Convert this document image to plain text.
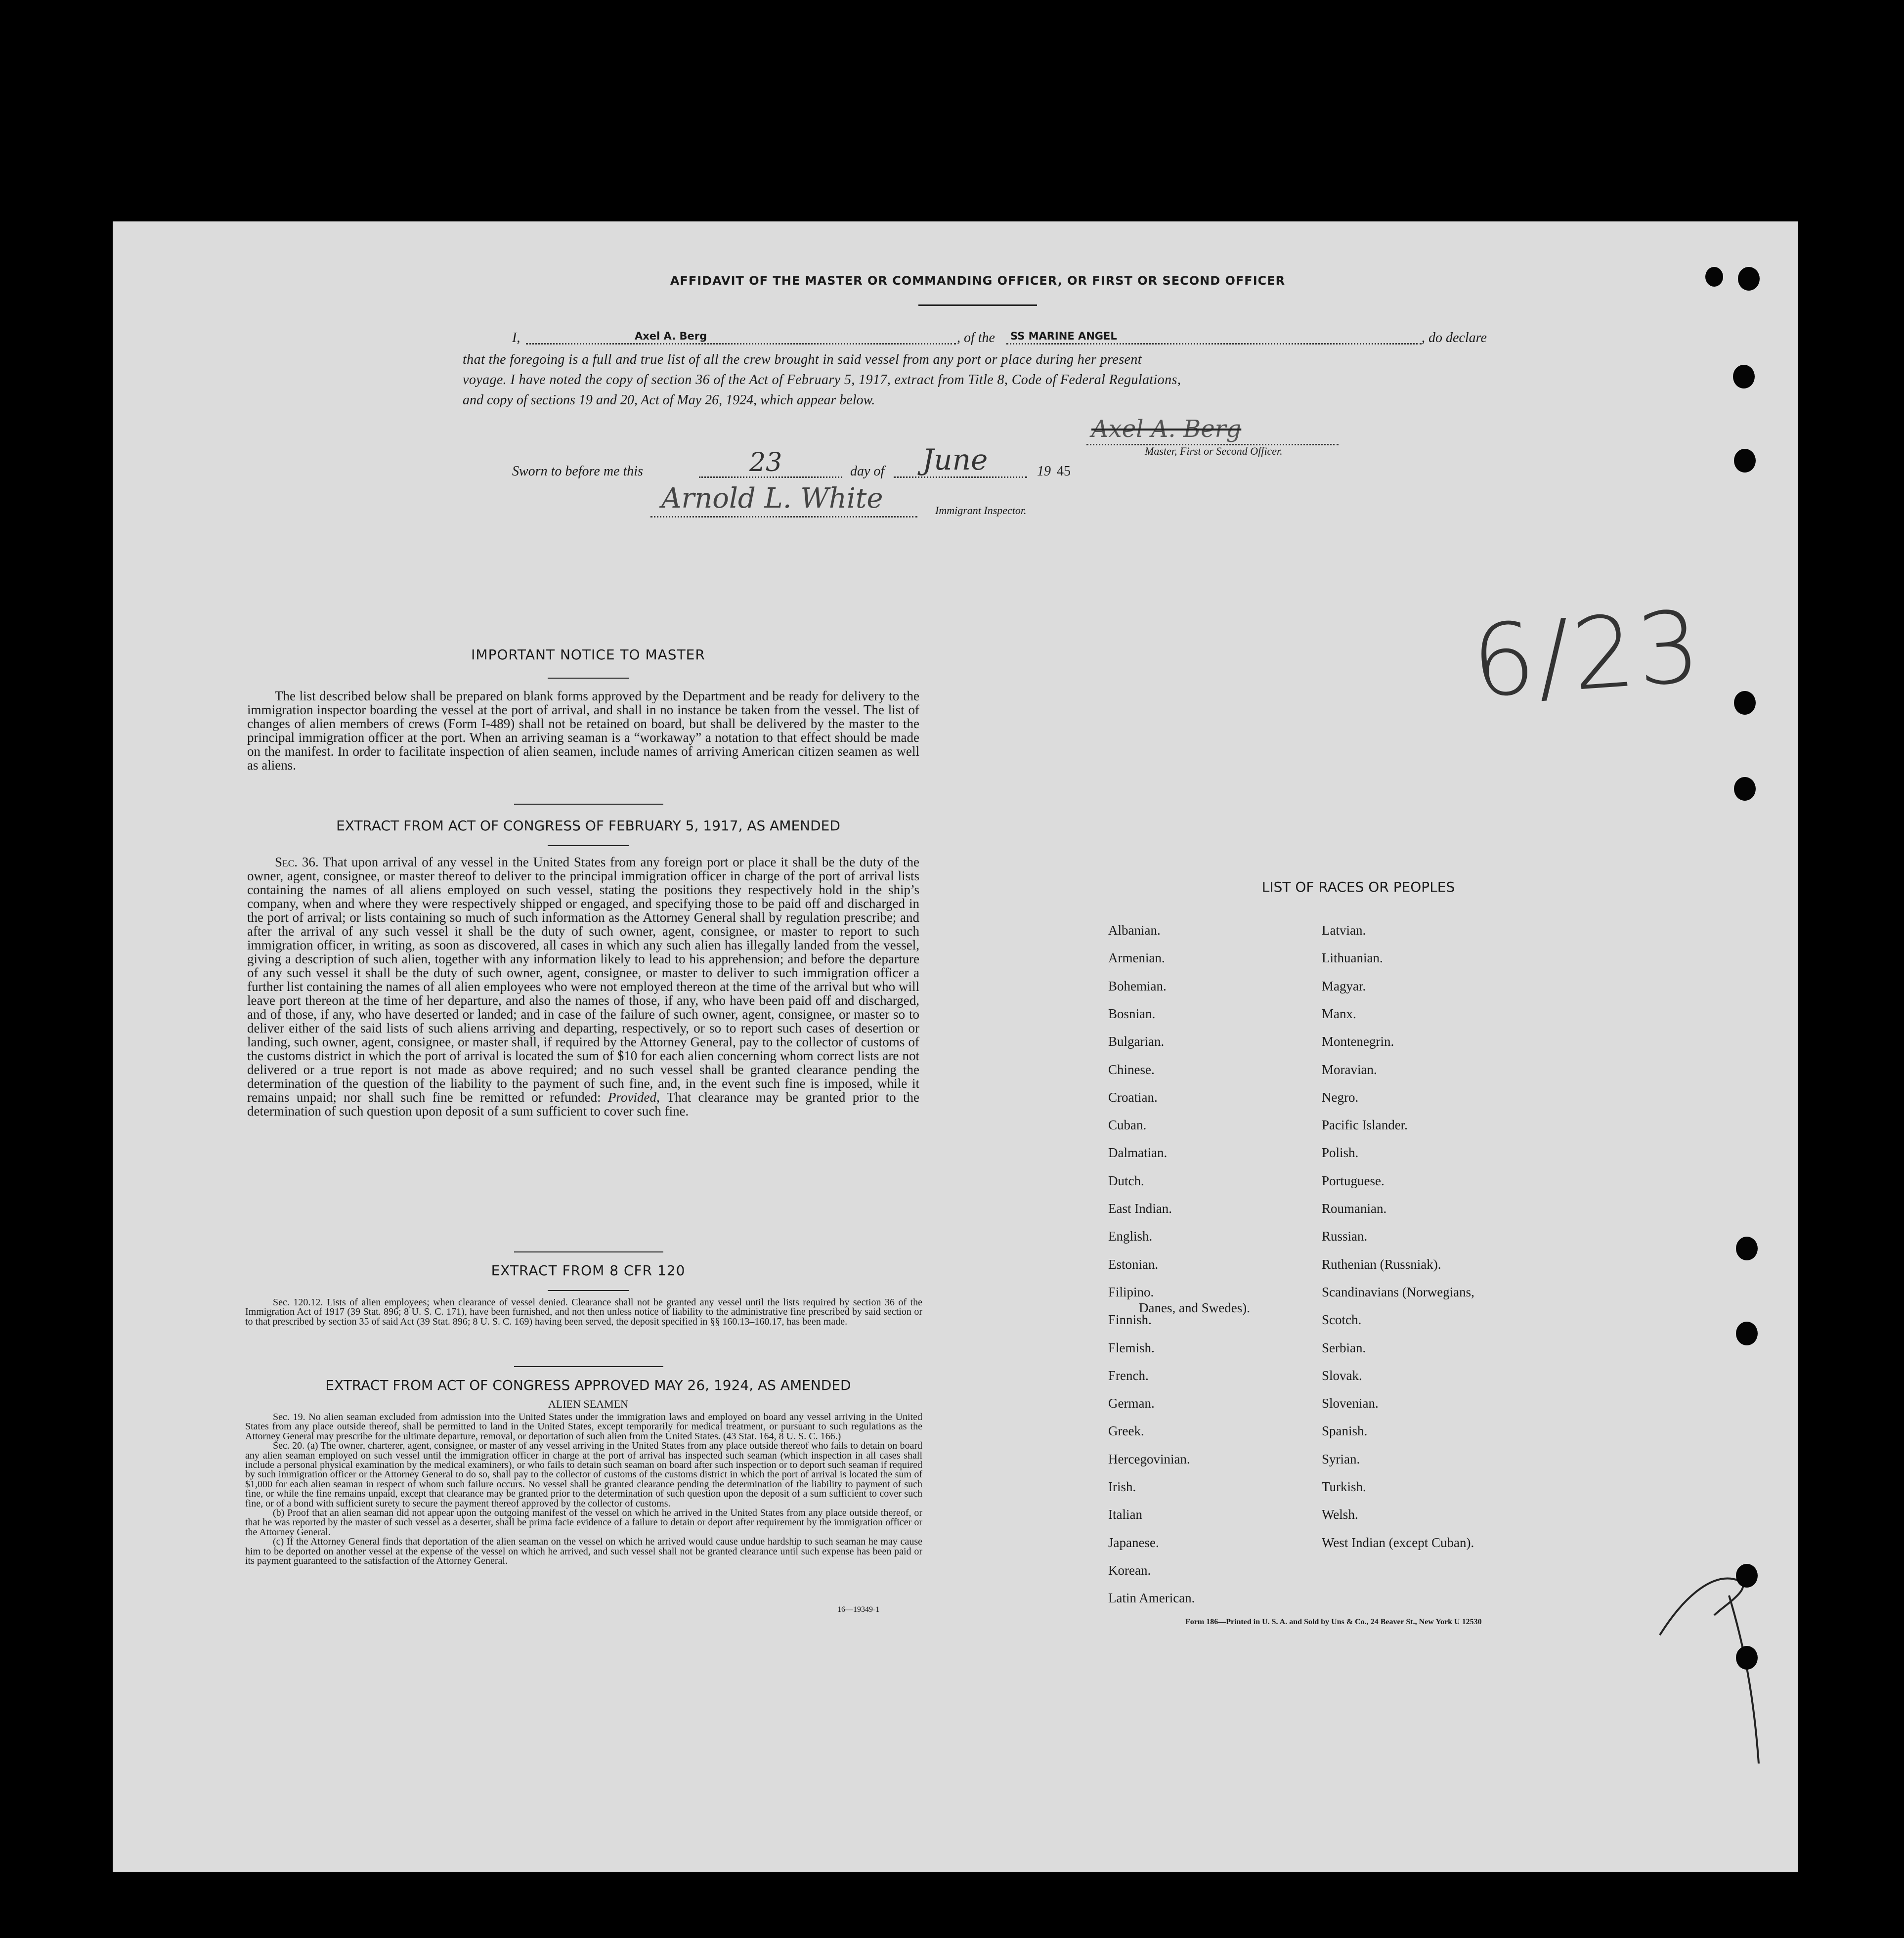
AFFIDAVIT OF THE MASTER OR COMMANDING OFFICER, OR FIRST OR SECOND OFFICER
I,	Axel A. Berg	, of the SS MARINE ANGEL	, do declare
that the foregoing is a full and true list of all the crew brought in said vessel from any port or place during her present
voyage. I have noted the copy of section 36 of the Act of February 5, 1917, extract from Title 8, Code of Federal Regulations,
and copy of sections 19 and 20, Act of May 26, 1924, which appear below.
Axel A. Berg
Master, First or Second Officer.
Sworn to before me this	23	day of June	19 45
Arnold L. White	Immigrant Inspector.
IMPORTANT NOTICE TO MASTER
The list described below shall be prepared on blank forms approved by the Department and be ready for delivery to the immigration inspector boarding the vessel at the port of arrival, and shall in no instance be taken from the vessel. The list of changes of alien members of crews (Form I-489) shall not be retained on board, but shall be delivered by the master to the principal immigration officer at the port. When an arriving seaman is a “workaway” a notation to that effect should be made on the manifest. In order to facilitate inspection of alien seamen, include names of arriving American citizen seamen as well as aliens.
EXTRACT FROM ACT OF CONGRESS OF FEBRUARY 5, 1917, AS AMENDED
Sec. 36. That upon arrival of any vessel in the United States from any foreign port or place it shall be the duty of the owner, agent, consignee, or master thereof to deliver to the principal immigration officer in charge of the port of arrival lists containing the names of all aliens employed on such vessel, stating the positions they respectively hold in the ship’s company, when and where they were respectively shipped or engaged, and specifying those to be paid off and discharged in the port of arrival; or lists containing so much of such information as the Attorney General shall by regulation prescribe; and after the arrival of any such vessel it shall be the duty of such owner, agent, consignee, or master to report to such immigration officer, in writing, as soon as discovered, all cases in which any such alien has illegally landed from the vessel, giving a description of such alien, together with any information likely to lead to his apprehension; and before the departure of any such vessel it shall be the duty of such owner, agent, consignee, or master to deliver to such immigration officer a further list containing the names of all alien employees who were not employed thereon at the time of the arrival but who will leave port thereon at the time of her departure, and also the names of those, if any, who have been paid off and discharged, and of those, if any, who have deserted or landed; and in case of the failure of such owner, agent, consignee, or master so to deliver either of the said lists of such aliens arriving and departing, respectively, or so to report such cases of desertion or landing, such owner, agent, consignee, or master shall, if required by the Attorney General, pay to the collector of customs of the customs district in which the port of arrival is located the sum of $10 for each alien concerning whom correct lists are not delivered or a true report is not made as above required; and no such vessel shall be granted clearance pending the determination of the question of the liability to the payment of such fine, and, in the event such fine is imposed, while it remains unpaid; nor shall such fine be remitted or refunded: Provided, That clearance may be granted prior to the determination of such question upon deposit of a sum sufficient to cover such fine.
EXTRACT FROM 8 CFR 120
Sec. 120.12. Lists of alien employees; when clearance of vessel denied. Clearance shall not be granted any vessel until the lists required by section 36 of the Immigration Act of 1917 (39 Stat. 896; 8 U. S. C. 171), have been furnished, and not then unless notice of liability to the administrative fine prescribed by said section or to that prescribed by section 35 of said Act (39 Stat. 896; 8 U. S. C. 169) having been served, the deposit specified in §§ 160.13–160.17, has been made.
EXTRACT FROM ACT OF CONGRESS APPROVED MAY 26, 1924, AS AMENDED
ALIEN SEAMEN

Sec. 19. No alien seaman excluded from admission into the United States under the immigration laws and employed on board any vessel arriving in the United States from any place outside thereof, shall be permitted to land in the United States, except temporarily for medical treatment, or pursuant to such regulations as the Attorney General may prescribe for the ultimate departure, removal, or deportation of such alien from the United States. (43 Stat. 164, 8 U. S. C. 166.)

Sec. 20. (a) The owner, charterer, agent, consignee, or master of any vessel arriving in the United States from any place outside thereof who fails to detain on board any alien seaman employed on such vessel until the immigration officer in charge at the port of arrival has inspected such seaman (which inspection in all cases shall include a personal physical examination by the medical examiners), or who fails to detain such seaman on board after such inspection or to deport such seaman if required by such immigration officer or the Attorney General to do so, shall pay to the collector of customs of the customs district in which the port of arrival is located the sum of $1,000 for each alien seaman in respect of whom such failure occurs. No vessel shall be granted clearance pending the determination of the liability to payment of such fine, or while the fine remains unpaid, except that clearance may be granted prior to the determination of such question upon the deposit of a sum sufficient to cover such fine, or of a bond with sufficient surety to secure the payment thereof approved by the collector of customs.

(b) Proof that an alien seaman did not appear upon the outgoing manifest of the vessel on which he arrived in the United States from any place outside thereof, or that he was reported by the master of such vessel as a deserter, shall be prima facie evidence of a failure to detain or deport after requirement by the immigration officer or the Attorney General.

(c) If the Attorney General finds that deportation of the alien seaman on the vessel on which he arrived would cause undue hardship to such seaman he may cause him to be deported on another vessel at the expense of the vessel on which he arrived, and such vessel shall not be granted clearance until such expense has been paid or its payment guaranteed to the satisfaction of the Attorney General.

16—19349-1
LIST OF RACES OR PEOPLES
Albanian.
Armenian.
Bohemian.
Bosnian.
Bulgarian.
Chinese.
Croatian.
Cuban.
Dalmatian.
Dutch.
East Indian.
English.
Estonian.
Filipino.
Finnish.
Flemish.
French.
German.
Greek.
Hercegovinian.
Irish.
Italian
Japanese.
Korean.
Latin American.
Latvian.
Lithuanian.
Magyar.
Manx.
Montenegrin.
Moravian.
Negro.
Pacific Islander.
Polish.
Portuguese.
Roumanian.
Russian.
Ruthenian (Russniak).
Scandinavians (Norwegians,
Danes, and Swedes).
Scotch.
Serbian.
Slovak.
Slovenian.
Spanish.
Syrian.
Turkish.
Welsh.
West Indian (except Cuban).
Form 186—Printed in U. S. A. and Sold by Uns & Co., 24 Beaver St., New York U 12530
6/23
